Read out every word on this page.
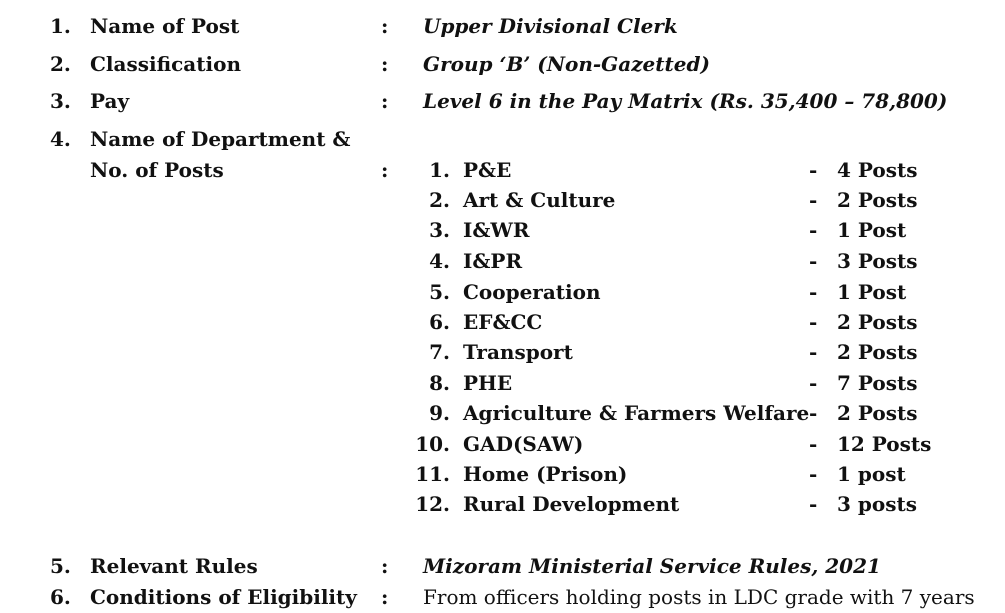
1. Name of Post	: Upper Divisional Clerk
2. Classification	: Group ‘B’ (Non-Gazetted)
3. Pay	: Level 6 in the Pay Matrix (Rs. 35,400 – 78,800)
4. Name of Department &
No. of Posts	:	1. P&E	- 4 Posts
2. Art & Culture	- 2 Posts
3. I&WR	- 1 Post
4. I&PR	- 3 Posts
5. Cooperation	- 1 Post
6. EF&CC	- 2 Posts
7. Transport	- 2 Posts
8. PHE	- 7 Posts
9. Agriculture & Farmers Welfare - 2 Posts
10. GAD(SAW)	- 12 Posts
11. Home (Prison)	- 1 post
12. Rural Development	- 3 posts
5. Relevant Rules	: Mizoram Ministerial Service Rules, 2021
6. Conditions of Eligibility : From officers holding posts in LDC grade with 7 years
